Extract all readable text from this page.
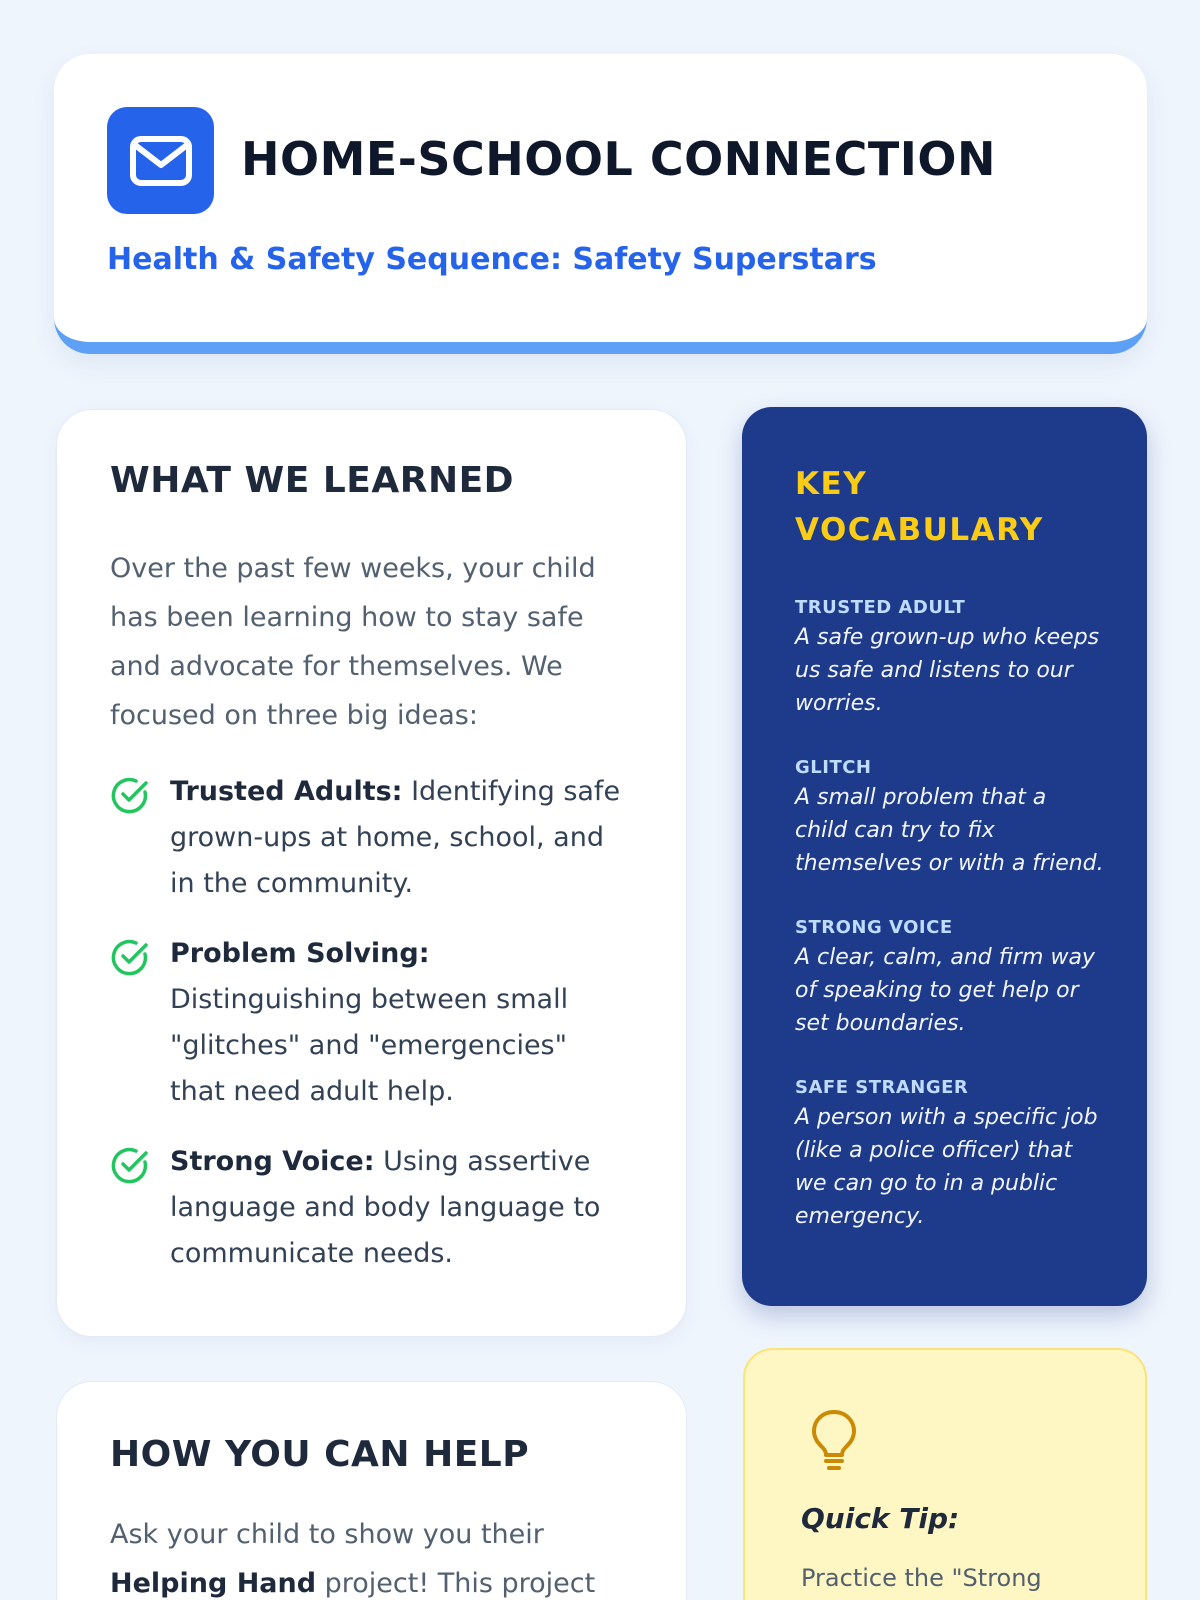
HOME-SCHOOL CONNECTION
Health & Safety Sequence: Safety Superstars
WHAT WE LEARNED

Over the past few weeks, your child has been learning how to stay safe and advocate for themselves. We focused on three big ideas:

Trusted Adults: Identifying safe grown-ups at home, school, and in the community.
Problem Solving: Distinguishing between small "glitches" and "emergencies" that need adult help.
Strong Voice: Using assertive language and body language to communicate needs.
KEY VOCABULARY
TRUSTED ADULT
A safe grown-up who keeps us safe and listens to our worries.
GLITCH
A small problem that a child can try to fix themselves or with a friend.
STRONG VOICE
A clear, calm, and firm way of speaking to get help or set boundaries.
SAFE STRANGER
A person with a specific job (like a police officer) that we can go to in a public emergency.
HOW YOU CAN HELP

Ask your child to show you their Helping Hand project! This project

Quick Tip:

Practice the "Strong
